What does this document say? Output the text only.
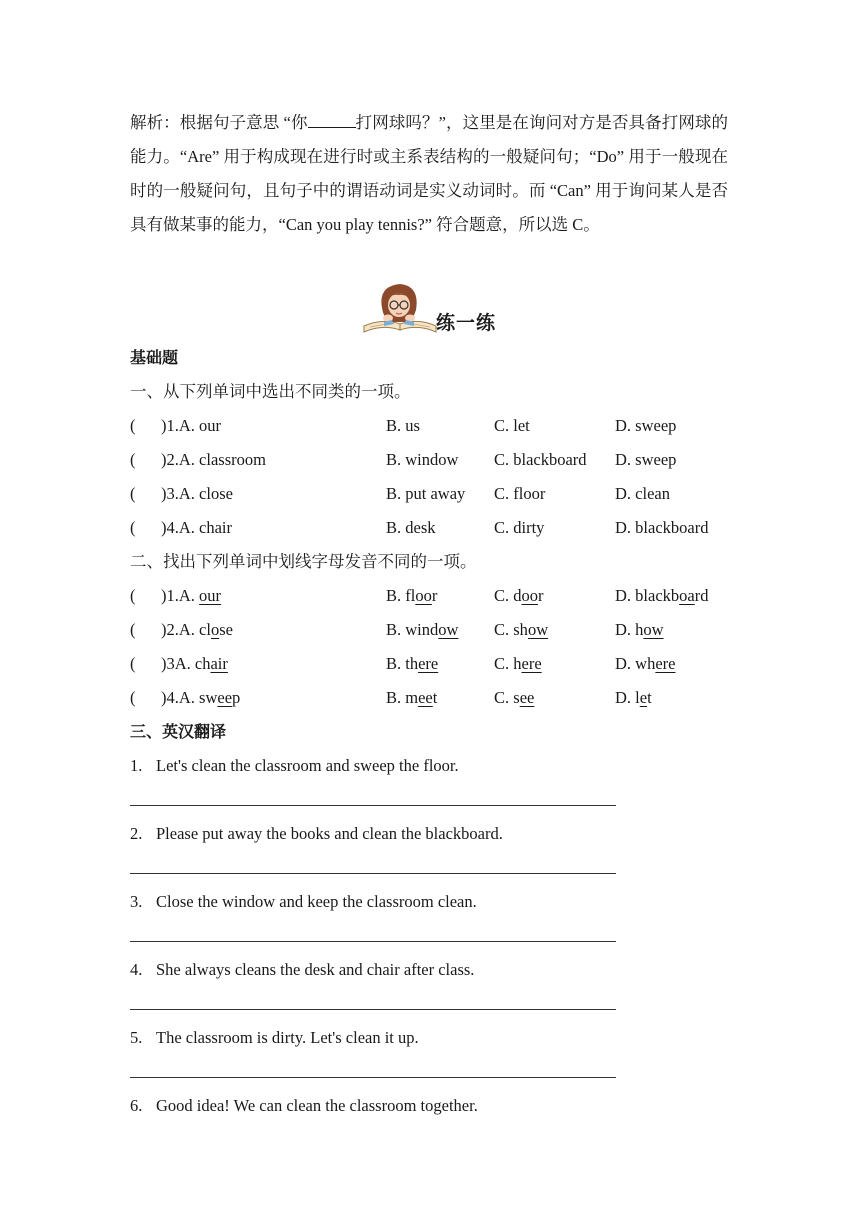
解析：根据句子意思 “你	打网球吗？”，这里是在询问对方是否具备打网球的能力。“Are” 用于构成现在进行时或主系表结构的一般疑问句；“Do” 用于一般现在时的一般疑问句，且句子中的谓语动词是实义动词时。而 “Can” 用于询问某人是否具有做某事的能力，“Can you play tennis?” 符合题意，所以选 C。
练一练
基础题
一、从下列单词中选出不同类的一项。
( )1.A. our	B. us	C. let	D. sweep
( )2.A. classroom	B. window C. blackboard D. sweep
( )3.A. close	B. put away C. floor	D. clean
( )4.A. chair	B. desk	C. dirty	D. blackboard
二、找出下列单词中划线字母发音不同的一项。
( )1.A. our	B. floor	C. door	D. blackboard
( )2.A. close	B. window C. show	D. how
( )3A. chair	B. there	C. here	D. where
( )4.A. sweep	B. meet	C. see	D. let
三、英汉翻译
1. Let's clean the classroom and sweep the floor.
2. Please put away the books and clean the blackboard.
3. Close the window and keep the classroom clean.
4. She always cleans the desk and chair after class.
5. The classroom is dirty. Let's clean it up.
6. Good idea! We can clean the classroom together.
